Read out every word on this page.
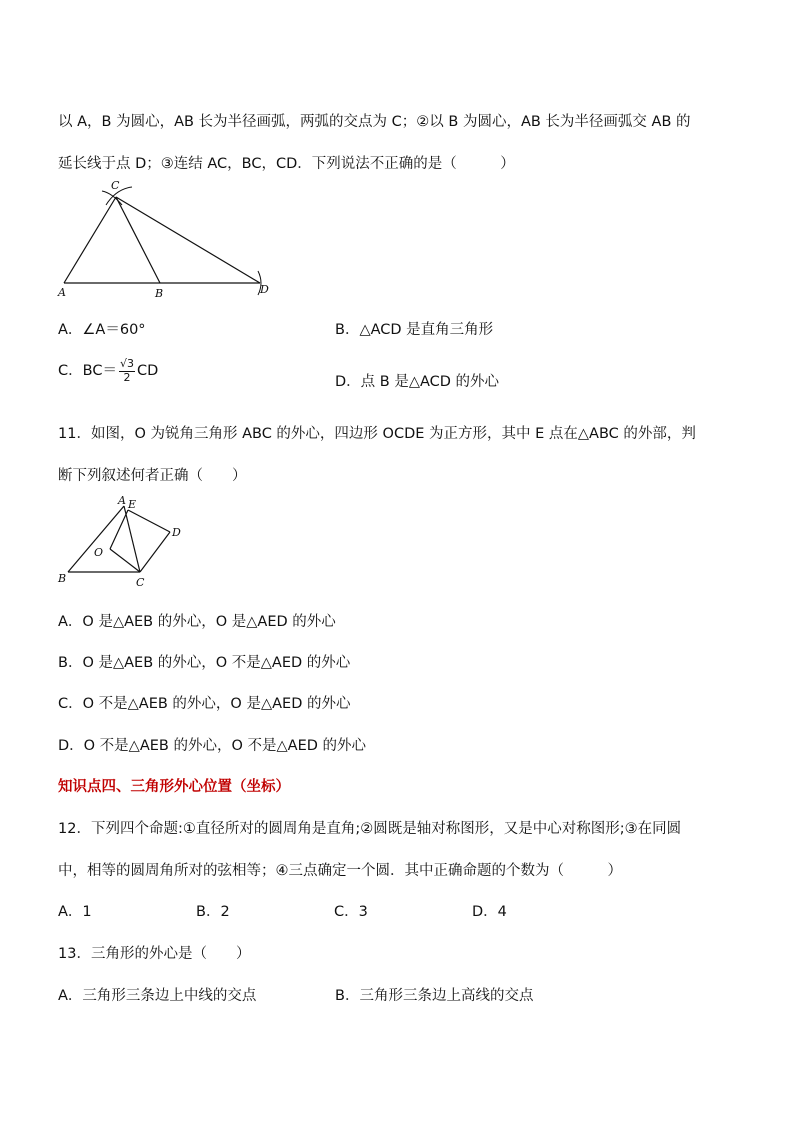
以 A，B 为圆心，AB 长为半径画弧，两弧的交点为 C；②以 B 为圆心，AB 长为半径画弧交 AB 的
延长线于点 D；③连结 AC，BC，CD．下列说法不正确的是（　　　）
C
A	B	D
A．∠A＝60°	B．△ACD 是直角三角形
C．$BC= \frac{√3}{2}$ CD
D．点 B 是△ACD 的外心
11．如图，O 为锐角三角形 ABC 的外心，四边形 OCDE 为正方形，其中 E 点在△ABC 的外部，判
断下列叙述何者正确（　　）
A E
D
O
B	C
A．O 是△AEB 的外心，O 是△AED 的外心
B．O 是△AEB 的外心，O 不是△AED 的外心
C．O 不是△AEB 的外心，O 是△AED 的外心
D．O 不是△AEB 的外心，O 不是△AED 的外心
知识点四、三角形外心位置（坐标）
12．下列四个命题:①直径所对的圆周角是直角;②圆既是轴对称图形，又是中心对称图形;③在同圆
中，相等的圆周角所对的弦相等；④三点确定一个圆．其中正确命题的个数为（　　　）
A．1	B．2	C．3	D．4
13．三角形的外心是（　　）
A．三角形三条边上中线的交点	B．三角形三条边上高线的交点
